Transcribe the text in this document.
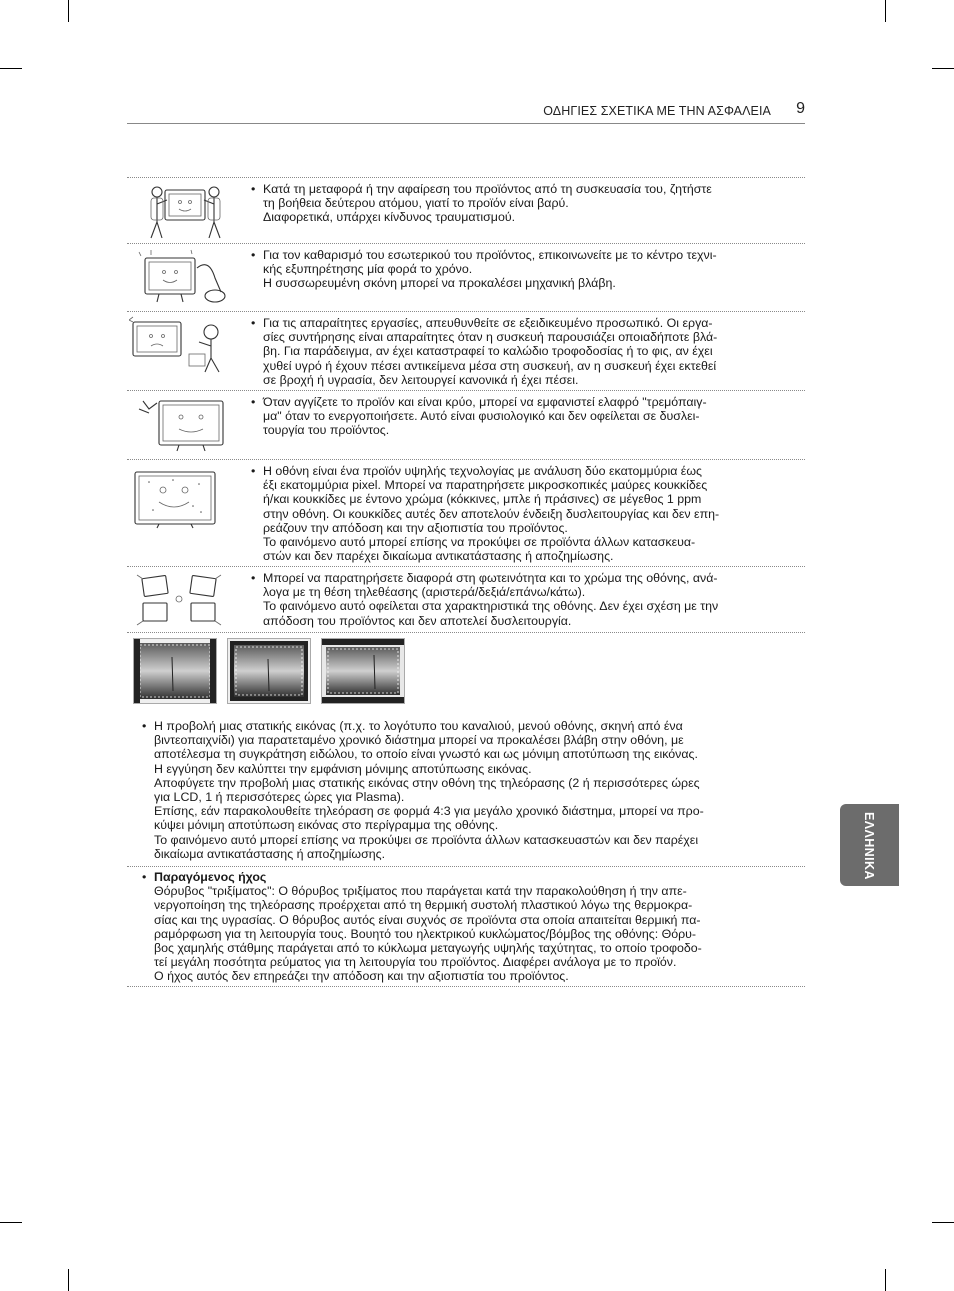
ΟΔΗΓΙΕΣ ΣΧΕΤΙΚΑ ΜΕ ΤΗΝ ΑΣΦΑΛΕΙΑ 9
• Κατά τη μεταφορά ή την αφαίρεση του προϊόντος από τη συσκευασία του, ζητήστε

τη βοήθεια δεύτερου ατόμου, γιατί το προϊόν είναι βαρύ.

Διαφορετικά, υπάρχει κίνδυνος τραυματισμού.

• Για τον καθαρισμό του εσωτερικού του προϊόντος, επικοινωνείτε με το κέντρο τεχνι-

κής εξυπηρέτησης μία φορά το χρόνο.

Η συσσωρευμένη σκόνη μπορεί να προκαλέσει μηχανική βλάβη.

• Για τις απαραίτητες εργασίες, απευθυνθείτε σε εξειδικευμένο προσωπικό. Οι εργα-

σίες συντήρησης είναι απαραίτητες όταν η συσκευή παρουσιάζει οποιαδήποτε βλά-

βη. Για παράδειγμα, αν έχει καταστραφεί το καλώδιο τροφοδοσίας ή το φις, αν έχει

χυθεί υγρό ή έχουν πέσει αντικείμενα μέσα στη συσκευή, αν η συσκευή έχει εκτεθεί

σε βροχή ή υγρασία, δεν λειτουργεί κανονικά ή έχει πέσει.

• Όταν αγγίζετε το προϊόν και είναι κρύο, μπορεί να εμφανιστεί ελαφρό "τρεμόπαιγ-

μα" όταν το ενεργοποιήσετε. Αυτό είναι φυσιολογικό και δεν οφείλεται σε δυσλει-

τουργία του προϊόντος.

• Η οθόνη είναι ένα προϊόν υψηλής τεχνολογίας με ανάλυση δύο εκατομμύρια έως

έξι εκατομμύρια pixel. Μπορεί να παρατηρήσετε μικροσκοπικές μαύρες κουκκίδες

ή/και κουκκίδες με έντονο χρώμα (κόκκινες, μπλε ή πράσινες) σε μέγεθος 1 ppm

στην οθόνη. Οι κουκκίδες αυτές δεν αποτελούν ένδειξη δυσλειτουργίας και δεν επη-

ρεάζουν την απόδοση και την αξιοπιστία του προϊόντος.

Το φαινόμενο αυτό μπορεί επίσης να προκύψει σε προϊόντα άλλων κατασκευα-

στών και δεν παρέχει δικαίωμα αντικατάστασης ή αποζημίωσης.

• Μπορεί να παρατηρήσετε διαφορά στη φωτεινότητα και το χρώμα της οθόνης, ανά-

λογα με τη θέση τηλεθέασης (αριστερά/δεξιά/επάνω/κάτω).

Το φαινόμενο αυτό οφείλεται στα χαρακτηριστικά της οθόνης. Δεν έχει σχέση με την

απόδοση του προϊόντος και δεν αποτελεί δυσλειτουργία.

• Η προβολή μιας στατικής εικόνας (π.χ. το λογότυπο του καναλιού, μενού οθόνης, σκηνή από ένα

βιντεοπαιχνίδι) για παρατεταμένο χρονικό διάστημα μπορεί να προκαλέσει βλάβη στην οθόνη, με

αποτέλεσμα τη συγκράτηση ειδώλου, το οποίο είναι γνωστό και ως μόνιμη αποτύπωση της εικόνας.

Η εγγύηση δεν καλύπτει την εμφάνιση μόνιμης αποτύπωσης εικόνας.

Αποφύγετε την προβολή μιας στατικής εικόνας στην οθόνη της τηλεόρασης (2 ή περισσότερες ώρες

για LCD, 1 ή περισσότερες ώρες για Plasma).

Επίσης, εάν παρακολουθείτε τηλεόραση σε φορμά 4:3 για μεγάλο χρονικό διάστημα, μπορεί να προ-

κύψει μόνιμη αποτύπωση εικόνας στο περίγραμμα της οθόνης.

Το φαινόμενο αυτό μπορεί επίσης να προκύψει σε προϊόντα άλλων κατασκευαστών και δεν παρέχει

δικαίωμα αντικατάστασης ή αποζημίωσης.

• Παραγόμενος ήχος

Θόρυβος "τριξίματος": Ο θόρυβος τριξίματος που παράγεται κατά την παρακολούθηση ή την απε-

νεργοποίηση της τηλεόρασης προέρχεται από τη θερμική συστολή πλαστικού λόγω της θερμοκρα-

σίας και της υγρασίας. Ο θόρυβος αυτός είναι συχνός σε προϊόντα στα οποία απαιτείται θερμική πα-

ραμόρφωση για τη λειτουργία τους. Βουητό του ηλεκτρικού κυκλώματος/βόμβος της οθόνης: Θόρυ-

βος χαμηλής στάθμης παράγεται από το κύκλωμα μεταγωγής υψηλής ταχύτητας, το οποίο τροφοδο-

τεί μεγάλη ποσότητα ρεύματος για τη λειτουργία του προϊόντος. Διαφέρει ανάλογα με το προϊόν.

Ο ήχος αυτός δεν επηρεάζει την απόδοση και την αξιοπιστία του προϊόντος.

ΕΛΛΗΝΙΚΑ
